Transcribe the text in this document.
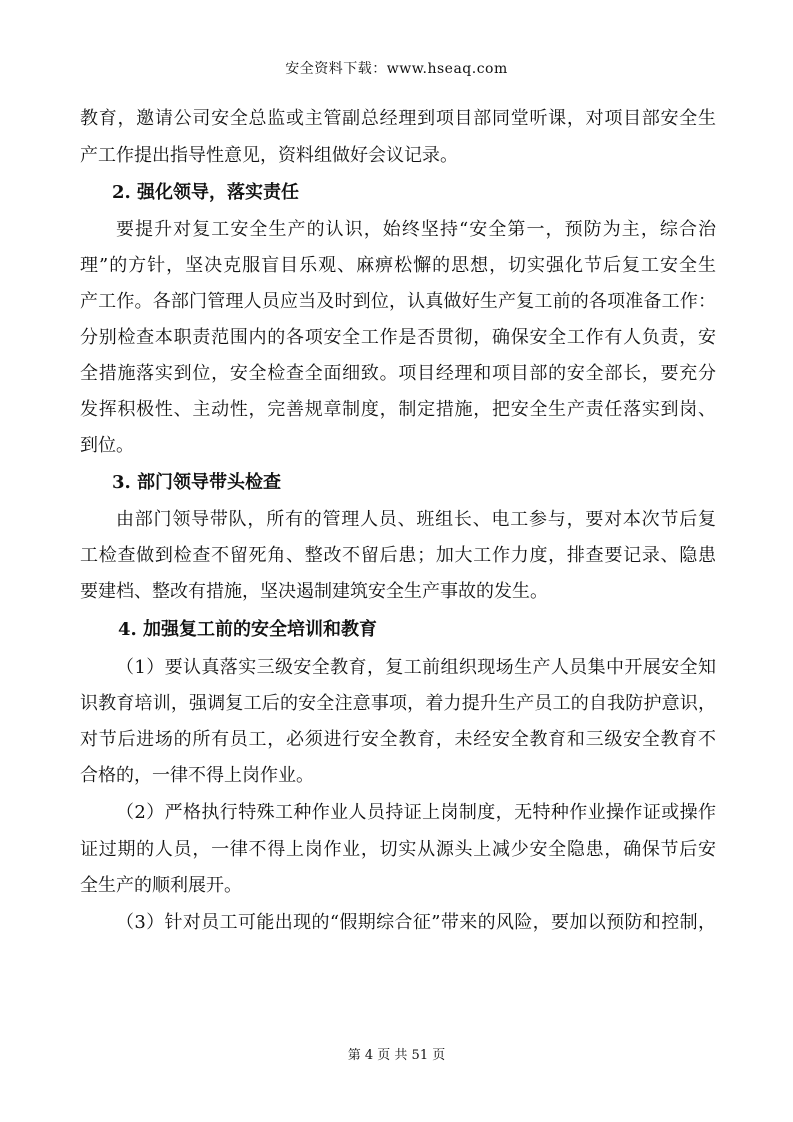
安全资料下载：www.hseaq.com
教育，邀请公司安全总监或主管副总经理到项目部同堂听课，对项目部安全生
产工作提出指导性意见，资料组做好会议记录。
2. 强化领导，落实责任
要提升对复工安全生产的认识，始终坚持“安全第一，预防为主，综合治
理”的方针，坚决克服盲目乐观、麻痹松懈的思想，切实强化节后复工安全生
产工作。各部门管理人员应当及时到位，认真做好生产复工前的各项准备工作：
分别检查本职责范围内的各项安全工作是否贯彻，确保安全工作有人负责，安
全措施落实到位，安全检查全面细致。项目经理和项目部的安全部长，要充分
发挥积极性、主动性，完善规章制度，制定措施，把安全生产责任落实到岗、
到位。
3. 部门领导带头检查
由部门领导带队，所有的管理人员、班组长、电工参与，要对本次节后复
工检查做到检查不留死角、整改不留后患；加大工作力度，排查要记录、隐患
要建档、整改有措施，坚决遏制建筑安全生产事故的发生。
4. 加强复工前的安全培训和教育
（1）要认真落实三级安全教育，复工前组织现场生产人员集中开展安全知
识教育培训，强调复工后的安全注意事项，着力提升生产员工的自我防护意识，
对节后进场的所有员工，必须进行安全教育，未经安全教育和三级安全教育不
合格的，一律不得上岗作业。
（2）严格执行特殊工种作业人员持证上岗制度，无特种作业操作证或操作
证过期的人员，一律不得上岗作业，切实从源头上减少安全隐患，确保节后安
全生产的顺利展开。
（3）针对员工可能出现的“假期综合征”带来的风险，要加以预防和控制，
第 4 页 共 51 页
